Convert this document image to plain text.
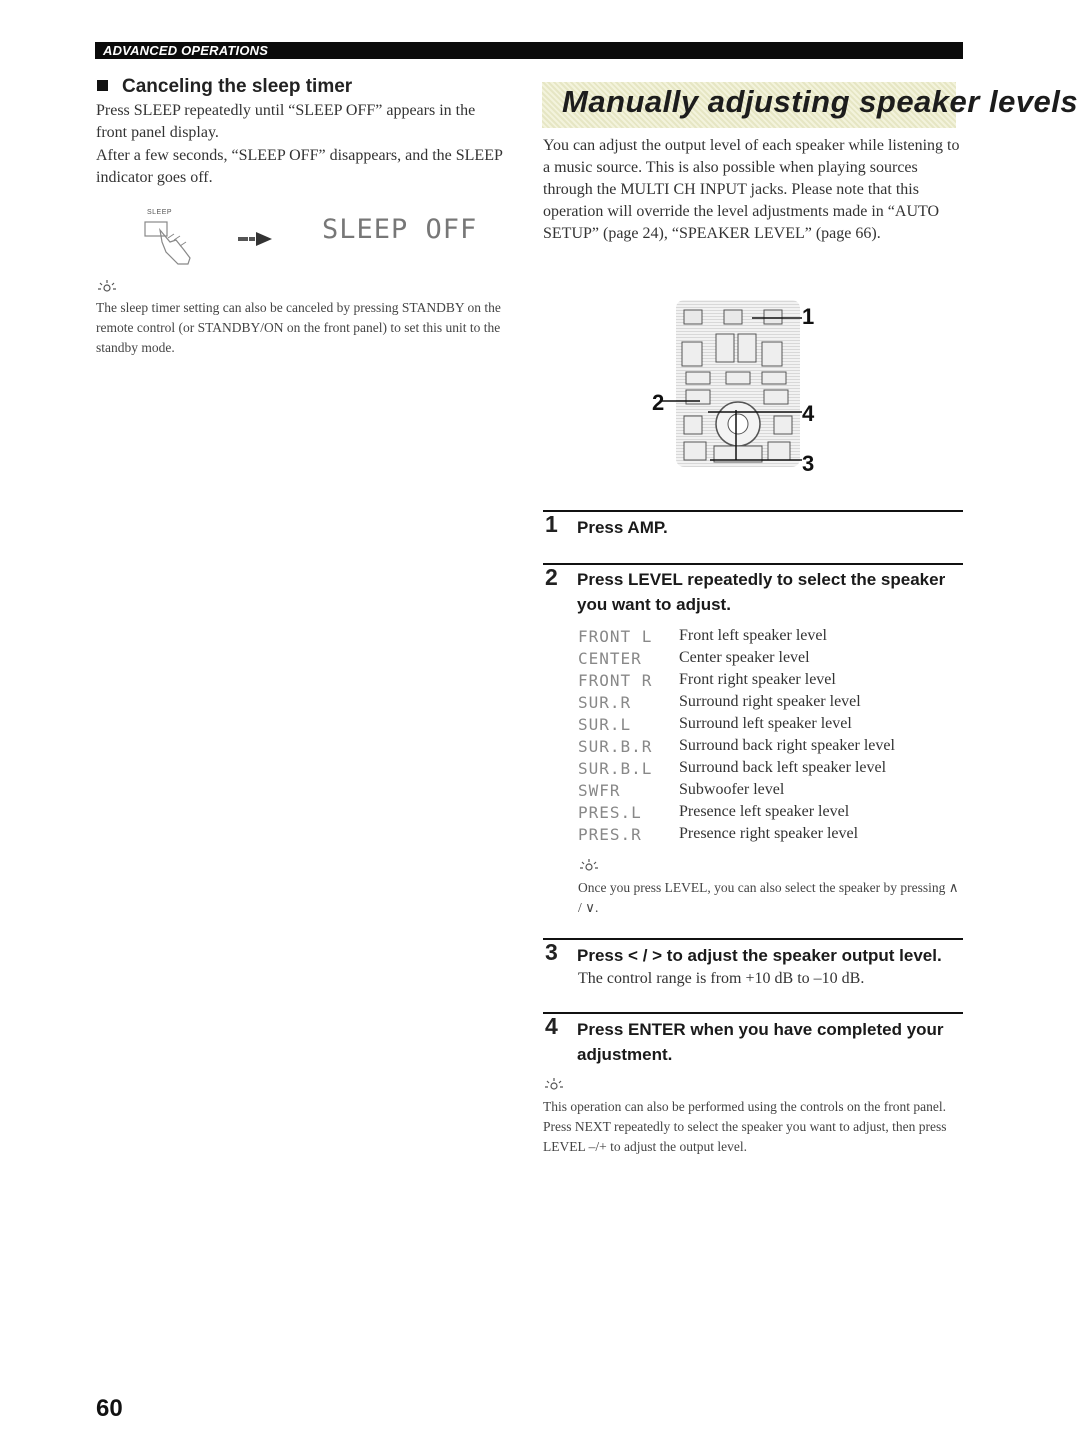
ADVANCED OPERATIONS
Canceling the sleep timer
Press SLEEP repeatedly until “SLEEP OFF” appears in the front panel display.
After a few seconds, “SLEEP OFF” disappears, and the SLEEP indicator goes off.
SLEEP
SLEEP OFF
The sleep timer setting can also be canceled by pressing STANDBY on the remote control (or STANDBY/ON on the front panel) to set this unit to the standby mode.
Manually adjusting speaker levels
You can adjust the output level of each speaker while listening to a music source. This is also possible when playing sources through the MULTI CH INPUT jacks. Please note that this operation will override the level adjustments made in “AUTO SETUP” (page 24), “SPEAKER LEVEL” (page 66).
1
2	4
3
1 Press AMP.
2 Press LEVEL repeatedly to select the speaker you want to adjust.
FRONT L	Front left speaker level
CENTER	Center speaker level
FRONT R	Front right speaker level
SUR.R	Surround right speaker level
SUR.L	Surround left speaker level
SUR.B.R	Surround back right speaker level
SUR.B.L	Surround back left speaker level
SWFR	Subwoofer level
PRES.L	Presence left speaker level
PRES.R	Presence right speaker level
Once you press LEVEL, you can also select the speaker by pressing ∧ / ∨.
3 Press < / > to adjust the speaker output level.
The control range is from +10 dB to –10 dB.
4 Press ENTER when you have completed your adjustment.
This operation can also be performed using the controls on the front panel. Press NEXT repeatedly to select the speaker you want to adjust, then press LEVEL –/+ to adjust the output level.
60
